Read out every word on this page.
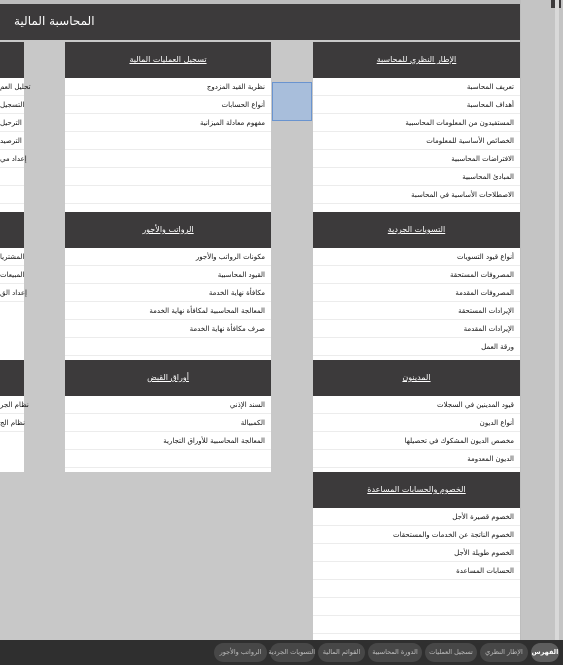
المحاسبة المالية
الإطار النظري للمحاسبة
تعريف المحاسبة
أهداف المحاسبة
المستفيدون من المعلومات المحاسبية
الخصائص الأساسية للمعلومات
الافتراضات المحاسبية
المبادئ المحاسبية
الاصطلاحات الأساسية في المحاسبة
التسويات الجردية
أنواع قيود التسويات
المصروفات المستحقة
المصروفات المقدمة
الإيرادات المستحقة
الإيرادات المقدمة
ورقة العمل
المدينون
قيود المدينين في السجلات
أنواع الديون
مخصص الديون المشكوك في تحصيلها
الديون المعدومة
الخصوم والحسابات المساعدة
الخصوم قصيرة الأجل
الخصوم الناتجة عن الخدمات والمستحقات
الخصوم طويلة الأجل
الحسابات المساعدة
تسجيل العمليات المالية
نظرية القيد المزدوج
أنواع الحسابات
مفهوم معادلة الميزانية
الرواتب والأجور
مكونات الرواتب والأجور
القيود المحاسبية
مكافأة نهاية الخدمة
المعالجة المحاسبية لمكافأة نهاية الخدمة
صرف مكافأة نهاية الخدمة
أوراق القبض
السند الإذني
الكمبيالة
المعالجة المحاسبية للأوراق التجارية
تحليل العم
التسجيل
الترحيل
الترصيد
إعداد مي
المشتريا
المبيعات
إعداد الق
نظام الجر
نظام الج
الفهرس
الإطار النظري
تسجيل العمليات
الدورة المحاسبية
القوائم المالية
التسويات الجردية
الرواتب والأجور
